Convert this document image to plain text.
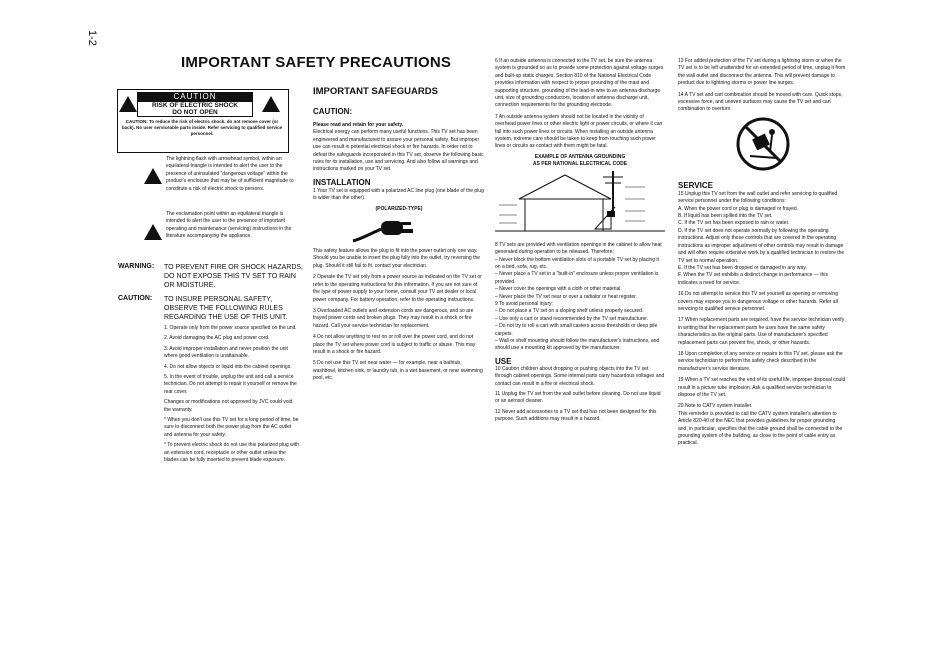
1-2
IMPORTANT SAFETY PRECAUTIONS
CAUTION
RISK OF ELECTRIC SHOCK
DO NOT OPEN
CAUTION: To reduce the risk of electric shock. do not remove cover (or back). No user serviceable parts inside. Refer servicing to qualified service personnel.
The lightning flash with arrowhead symbol, within an equilateral triangle is intended to alert the user to the presence of uninsulated "dangerous voltage" within the product's enclosure that may be of sufficient magnitude to constitute a risk of electric shock to persons.
The exclamation point within an equilateral triangle is intended to alert the user to the presence of important operating and maintenance (servicing) instructions in the literature accompanying the appliance.
WARNING: TO PREVENT FIRE OR SHOCK HAZARDS, DO NOT EXPOSE THIS TV SET TO RAIN OR MOISTURE.
CAUTION: TO INSURE PERSONAL SAFETY, OBSERVE THE FOLLOWING RULES REGARDING THE USE OF THIS UNIT.

1. Operate only from the power source specified on the unit.

2. Avoid damaging the AC plug and power cord.

3. Avoid improper installation and never position the unit where good ventilation is unattainable.

4. Do not allow objects or liquid into the cabinet openings.

5. In the event of trouble, unplug the unit and call a service technician. Do not attempt to repair it yourself or remove the rear cover.

Changes or modifications not approved by JVC could void the warranty.

* When you don't use this TV set for a long period of time, be sure to disconnect both the power plug from the AC outlet and antenna for your safety.

* To prevent electric shock do not use this polarized plug with an extension cord, receptacle or other outlet unless the blades can be fully inserted to prevent blade exposure.

IMPORTANT SAFEGUARDS
CAUTION:
Please read and retain for your safety.
Electrical energy can perform many useful functions. This TV set has been engineered and manufactured to assure your personal safety. But improper use can result in potential electrical shock or fire hazards. In order not to defeat the safeguards incorporated in this TV set, observe the following basic rules for its installation, use and servicing. And also follow all warnings and instructions marked on your TV set.
INSTALLATION
1 Your TV set is equipped with a polarized AC line plug (one blade of the plug is wider than the other).
(POLARIZED-TYPE)
This safety feature allows the plug to fit into the power outlet only one way. Should you be unable to insert the plug fully into the outlet, try reversing the plug. Should it still fail to fit, contact your electrician.
2 Operate the TV set only from a power source as indicated on the TV set or refer to the operating instructions for this information. If you are not sure of the type of power supply to your home, consult your TV set dealer or local power company. For battery operation, refer to the operating instructions.
3 Overloaded AC outlets and extension cords are dangerous, and so are frayed power cords and broken plugs. They may result in a shock or fire hazard. Call your service technician for replacement.
4 Do not allow anything to rest on or roll over the power cord, and do not place the TV set where power cord is subject to traffic or abuse. This may result in a shock or fire hazard.
5 Do not use this TV set near water — for example, near a bathtub, washbowl, kitchen sink, or laundry tub, in a wet basement, or near swimming pool, etc.
6 If an outside antenna is connected to the TV set, be sure the antenna system is grounded so as to provide some protection against voltage surges and built-up static charges. Section 810 of the National Electrical Code provides information with respect to proper grounding of the mast and supporting structure, grounding of the lead-in wire to an antenna discharge unit, size of grounding conductors, location of antenna discharge unit, connection requirements for the grounding electrode.
7 An outside antenna system should not be located in the vicinity of overhead power lines or other electric light or power circuits, or where it can fall into such power lines or circuits. When installing an outside antenna system, extreme care should be taken to keep from touching such power lines or circuits as contact with them might be fatal.
EXAMPLE OF ANTENNA GROUNDING
AS PER NATIONAL ELECTRICAL CODE
8 TV sets are provided with ventilation openings in the cabinet to allow heat generated during operation to be released. Therefore:
– Never block the bottom ventilation slots of a portable TV set by placing it on a bed, sofa, rug, etc.
– Never place a TV set in a "built-in" enclosure unless proper ventilation is provided.
– Never cover the openings with a cloth or other material.
– Never place the TV set near or over a radiator or heat register.
9 To avoid personal injury:
– Do not place a TV set on a sloping shelf unless properly secured.
– Use only a cart or stand recommended by the TV set manufacturer.
– Do not try to roll a cart with small casters across thresholds or deep pile carpets.
– Wall or shelf mounting should follow the manufacturer's instructions, and should use a mounting kit approved by the manufacturer.
USE
10 Caution children about dropping or pushing objects into the TV set through cabinet openings. Some internal parts carry hazardous voltages and contact can result in a fire or electrical shock.
11 Unplug the TV set from the wall outlet before cleaning. Do not use liquid or an aerosol cleaner.
12 Never add accessories to a TV set that has not been designed for this purpose. Such additions may result in a hazard.
13 For added protection of the TV set during a lightning storm or when the TV set is to be left unattended for an extended period of time, unplug it from the wall outlet and disconnect the antenna. This will prevent damage to product due to lightning storms or power line surges.
14 A TV set and cart combination should be moved with care. Quick stops, excessive force, and uneven surfaces may cause the TV set and cart combination to overturn.
SERVICE
15 Unplug this TV set from the wall outlet and refer servicing to qualified service personnel under the following conditions:
A. When the power cord or plug is damaged or frayed.
B. If liquid has been spilled into the TV set.
C. If the TV set has been exposed to rain or water.
D. If the TV set does not operate normally by following the operating instructions. Adjust only those controls that are covered in the operating instructions as improper adjustment of other controls may result in damage and will often require extensive work by a qualified technician to restore the TV set to normal operation.
E. If the TV set has been dropped or damaged in any way.
F. When the TV set exhibits a distinct change in performance — this indicates a need for service.
16 Do not attempt to service this TV set yourself as opening or removing covers may expose you to dangerous voltage or other hazards. Refer all servicing to qualified service personnel.
17 When replacement parts are required, have the service technician verify in writing that the replacement parts he uses have the same safety characteristics as the original parts. Use of manufacturer's specified replacement parts can prevent fire, shock, or other hazards.
18 Upon completion of any service or repairs to this TV set, please ask the service technician to perform the safety check described in the manufacturer's service literature.
19 When a TV set reaches the end of its useful life, improper disposal could result in a picture tube implosion. Ask a qualified service technician to dispose of the TV set.
20 Note to CATV system installer.
This reminder is provided to call the CATV system installer's attention to Article 820-40 of the NEC that provides guidelines for proper grounding and, in particular, specifies that the cable ground shall be connected to the grounding system of the building, as close to the point of cable entry as practical.
